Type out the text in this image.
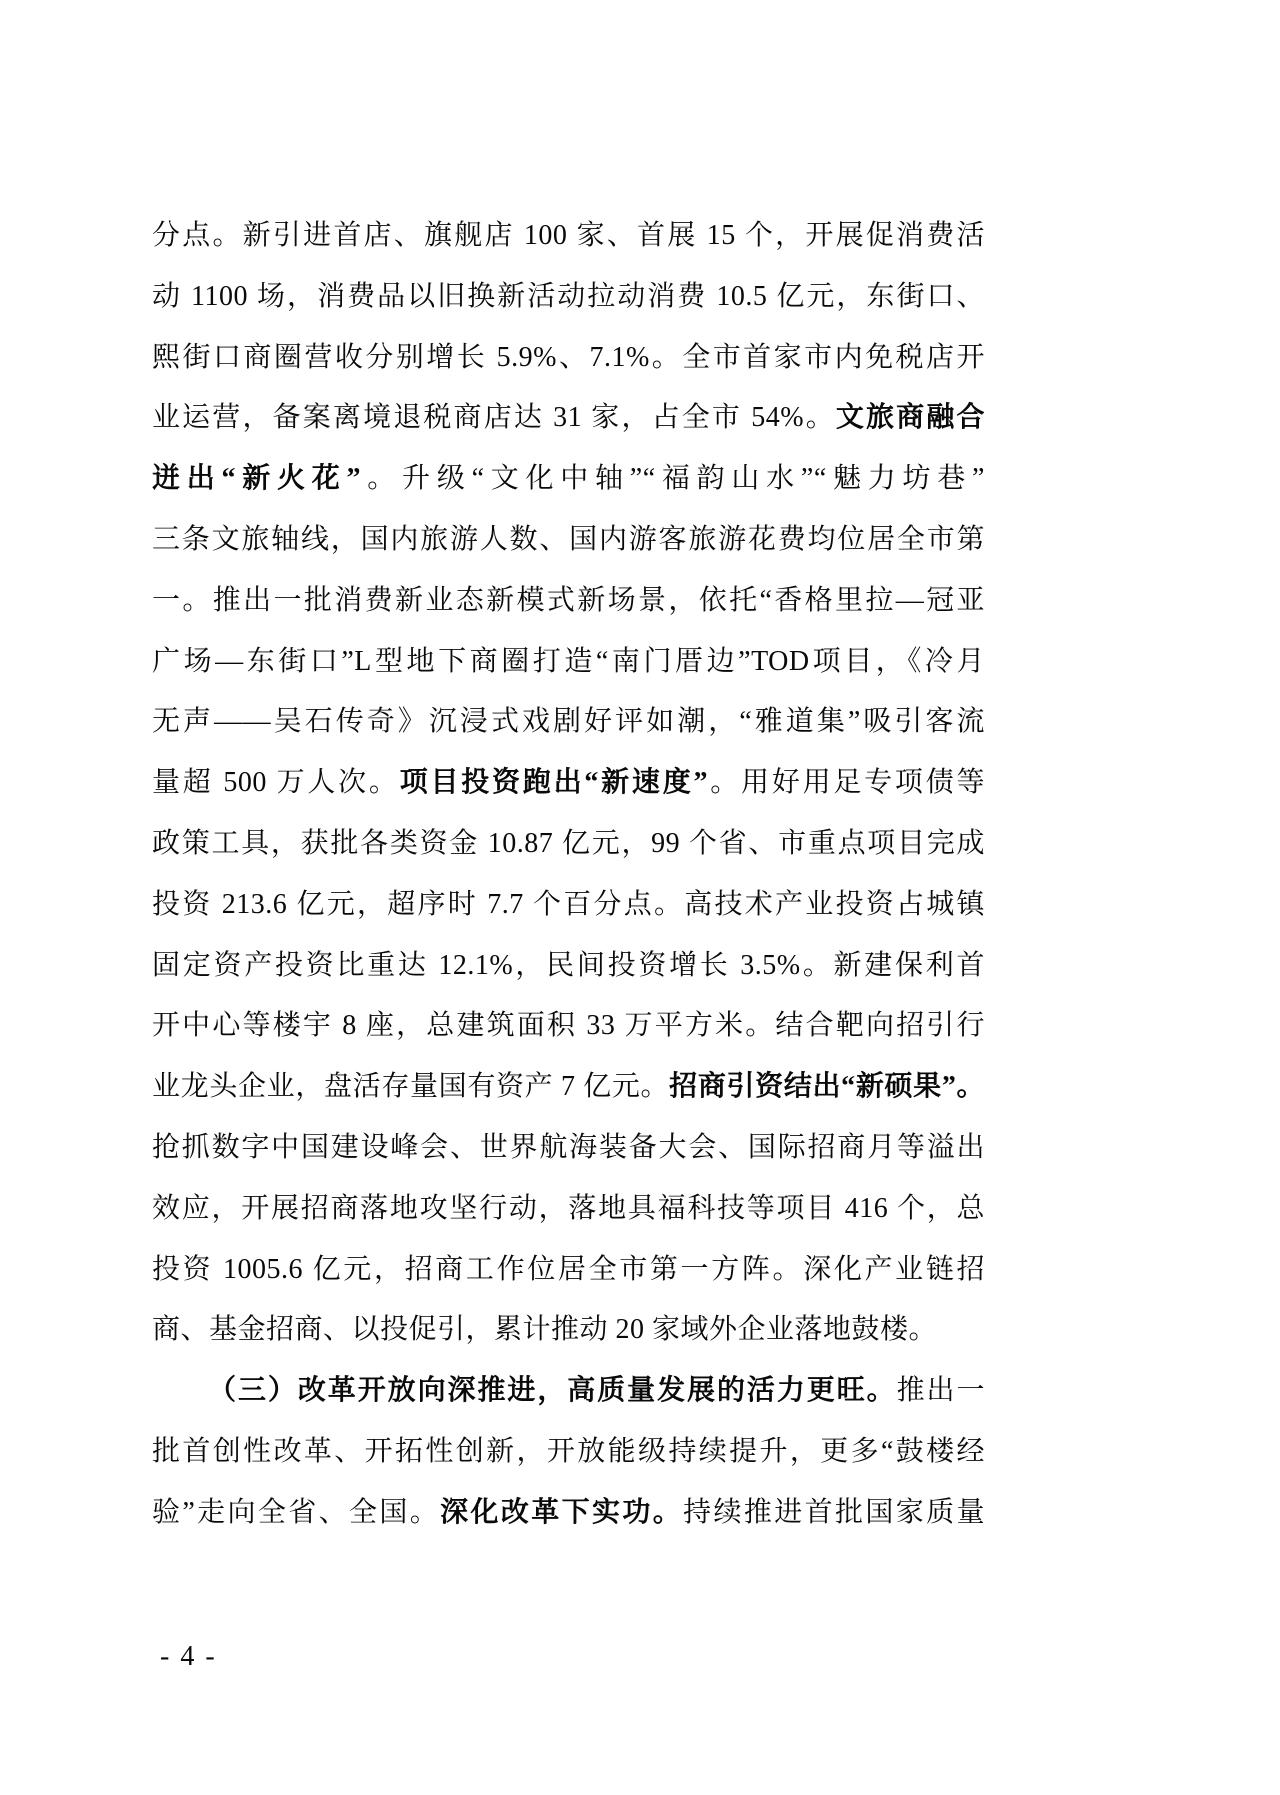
分点。新引进首店、旗舰店 100 家、首展 15 个，开展促消费活
动 1100 场，消费品以旧换新活动拉动消费 10.5 亿元，东街口、
熙街口商圈营收分别增长 5.9%、7.1%。全市首家市内免税店开
业运营，备案离境退税商店达 31 家，占全市 54%。文旅商融合
迸出“新火花”。升级“文化中轴”“福韵山水”“魅力坊巷”
三条文旅轴线，国内旅游人数、国内游客旅游花费均位居全市第
一。推出一批消费新业态新模式新场景，依托“香格里拉—冠亚
广场—东街口”L型地下商圈打造“南门厝边”TOD项目，《冷月
无声——吴石传奇》沉浸式戏剧好评如潮，“雅道集”吸引客流
量超 500 万人次。项目投资跑出“新速度”。用好用足专项债等
政策工具，获批各类资金 10.87 亿元，99 个省、市重点项目完成
投资 213.6 亿元，超序时 7.7 个百分点。高技术产业投资占城镇
固定资产投资比重达 12.1%，民间投资增长 3.5%。新建保利首
开中心等楼宇 8 座，总建筑面积 33 万平方米。结合靶向招引行
业龙头企业，盘活存量国有资产 7 亿元。招商引资结出“新硕果”。
抢抓数字中国建设峰会、世界航海装备大会、国际招商月等溢出
效应，开展招商落地攻坚行动，落地具福科技等项目 416 个，总
投资 1005.6 亿元，招商工作位居全市第一方阵。深化产业链招
商、基金招商、以投促引，累计推动 20 家域外企业落地鼓楼。
（三）改革开放向深推进，高质量发展的活力更旺。推出一
批首创性改革、开拓性创新，开放能级持续提升，更多“鼓楼经
验”走向全省、全国。深化改革下实功。持续推进首批国家质量
- 4 -
